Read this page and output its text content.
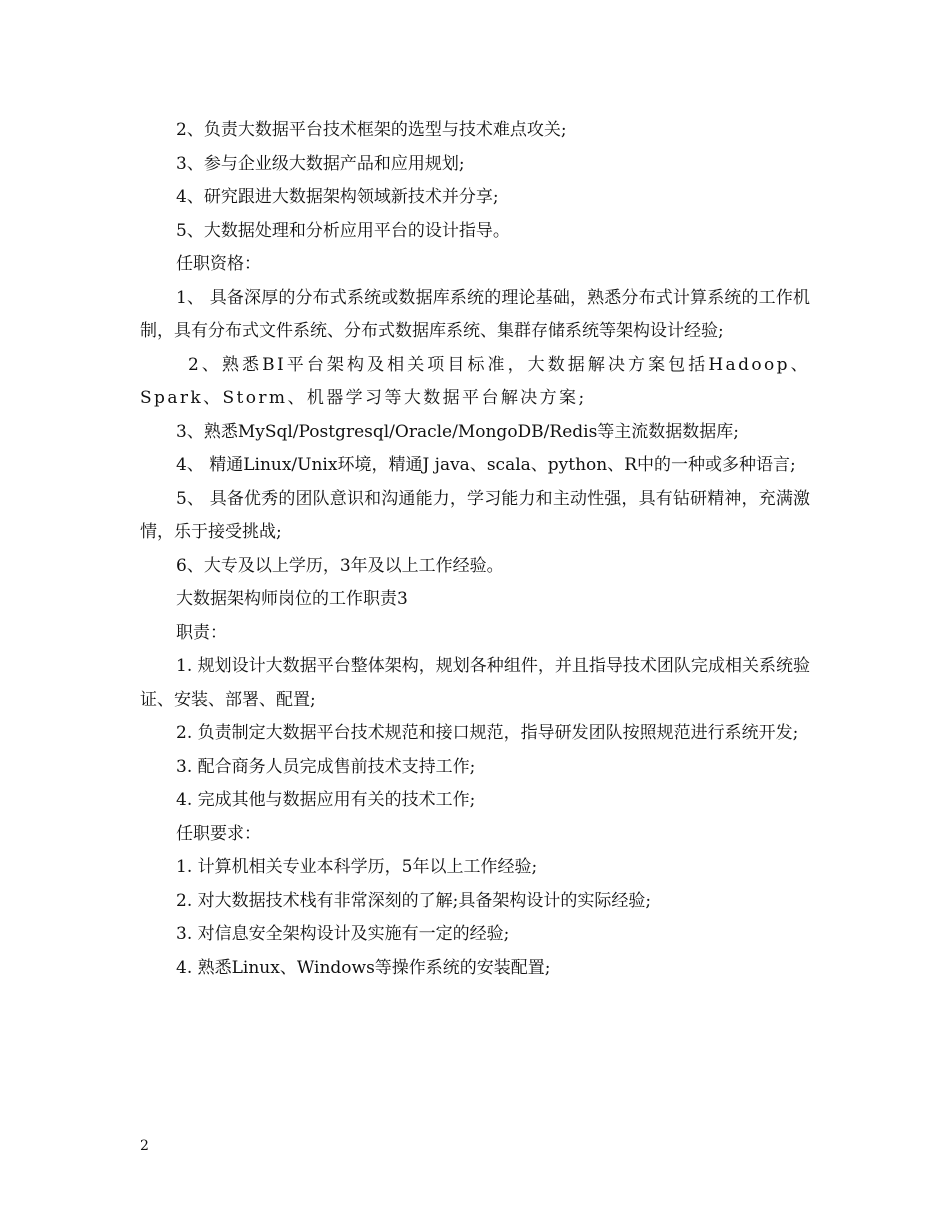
2、负责大数据平台技术框架的选型与技术难点攻关;

3、参与企业级大数据产品和应用规划;

4、研究跟进大数据架构领域新技术并分享;

5、大数据处理和分析应用平台的设计指导。

任职资格：

1、 具备深厚的分布式系统或数据库系统的理论基础，熟悉分布式计算系统的工作机制，具有分布式文件系统、分布式数据库系统、集群存储系统等架构设计经验;

2、熟悉BI平台架构及相关项目标准，大数据解决方案包括Hadoop、Spark、Storm、机器学习等大数据平台解决方案;

3、熟悉MySql/Postgresql/Oracle/MongoDB/Redis等主流数据数据库;

4、 精通Linux/Unix环境，精通J java、scala、python、R中的一种或多种语言;

5、 具备优秀的团队意识和沟通能力，学习能力和主动性强，具有钻研精神，充满激情，乐于接受挑战;

6、大专及以上学历，3年及以上工作经验。

大数据架构师岗位的工作职责3

职责：

1. 规划设计大数据平台整体架构，规划各种组件，并且指导技术团队完成相关系统验证、安装、部署、配置;

2. 负责制定大数据平台技术规范和接口规范，指导研发团队按照规范进行系统开发;

3. 配合商务人员完成售前技术支持工作;

4. 完成其他与数据应用有关的技术工作;

任职要求：

1. 计算机相关专业本科学历，5年以上工作经验;

2. 对大数据技术栈有非常深刻的了解;具备架构设计的实际经验;

3. 对信息安全架构设计及实施有一定的经验;

4. 熟悉Linux、Windows等操作系统的安装配置;

2
